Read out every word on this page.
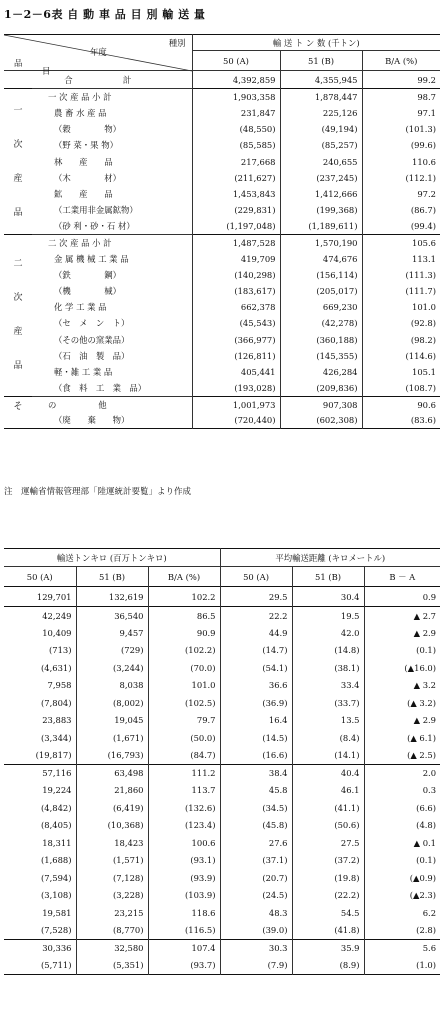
1－2－6表 自 動 車 品 目 別 輸 送 量
種別
年度
品
目		輸 送 ト ン 数 (千トン)		
		50 (A)	51 (B)	B/A (%)
合　　　　　　計		4,392,859	4,355,945	99.2

一
次
産
品	一 次 産 品 小 計	1,903,358	1,878,447	98.7
	農 畜 水 産 品	231,847	225,126	97.1
	（穀　　　　物）	(48,550)	(49,194)	(101.3)
	（野 菜・果 物）	(85,585)	(85,257)	(99.6)
	林　　産　　品	217,668	240,655	110.6
	（木　　　　材）	(211,627)	(237,245)	(112.1)
	鉱　　産　　品	1,453,843	1,412,666	97.2
	（工業用非金属鉱物）	(229,831)	(199,368)	(86.7)
	（砂 利・砂・石 材）	(1,197,048)	(1,189,611)	(99.4)

二
次
産
品	二 次 産 品 小 計	1,487,528	1,570,190	105.6
	金 属 機 械 工 業 品	419,709	474,676	113.1
	（鉄　　　　鋼）	(140,298)	(156,114)	(111.3)
	（機　　　　械）	(183,617)	(205,017)	(111.7)
	化 学 工 業 品	662,378	669,230	101.0
	（セ　メ　ン　ト）	(45,543)	(42,278)	(92.8)
	（その他の窯業品）	(366,977)	(360,188)	(98.2)
	（石　油　製　品）	(126,811)	(145,355)	(114.6)
	軽・雑 工 業 品	405,441	426,284	105.1
	（食　料　工　業　品）	(193,028)	(209,836)	(108.7)

そ	の　　　　　他	1,001,973	907,308	90.6
	（廃　　棄　　物）	(720,440)	(602,308)	(83.6)
注　運輸省情報管理部「陸運統計要覧」より作成
輸送トンキロ (百万トンキロ)			平均輸送距離 (キロメートル)		
50 (A)	51 (B)	B/A (%)	50 (A)	51 (B)	B － A
129,701	132,619	102.2	29.5	30.4	0.9
42,249	36,540	86.5	22.2	19.5	▲ 2.7
10,409	9,457	90.9	44.9	42.0	▲ 2.9
(713)	(729)	(102.2)	(14.7)	(14.8)	(0.1)
(4,631)	(3,244)	(70.0)	(54.1)	(38.1)	(▲16.0)
7,958	8,038	101.0	36.6	33.4	▲ 3.2
(7,804)	(8,002)	(102.5)	(36.9)	(33.7)	(▲ 3.2)
23,883	19,045	79.7	16.4	13.5	▲ 2.9
(3,344)	(1,671)	(50.0)	(14.5)	(8.4)	(▲ 6.1)
(19,817)	(16,793)	(84.7)	(16.6)	(14.1)	(▲ 2.5)
57,116	63,498	111.2	38.4	40.4	2.0
19,224	21,860	113.7	45.8	46.1	0.3
(4,842)	(6,419)	(132.6)	(34.5)	(41.1)	(6.6)
(8,405)	(10,368)	(123.4)	(45.8)	(50.6)	(4.8)
18,311	18,423	100.6	27.6	27.5	▲ 0.1
(1,688)	(1,571)	(93.1)	(37.1)	(37.2)	(0.1)
(7,594)	(7,128)	(93.9)	(20.7)	(19.8)	(▲0.9)
(3,108)	(3,228)	(103.9)	(24.5)	(22.2)	(▲2.3)
19,581	23,215	118.6	48.3	54.5	6.2
(7,528)	(8,770)	(116.5)	(39.0)	(41.8)	(2.8)
30,336	32,580	107.4	30.3	35.9	5.6
(5,711)	(5,351)	(93.7)	(7.9)	(8.9)	(1.0)
